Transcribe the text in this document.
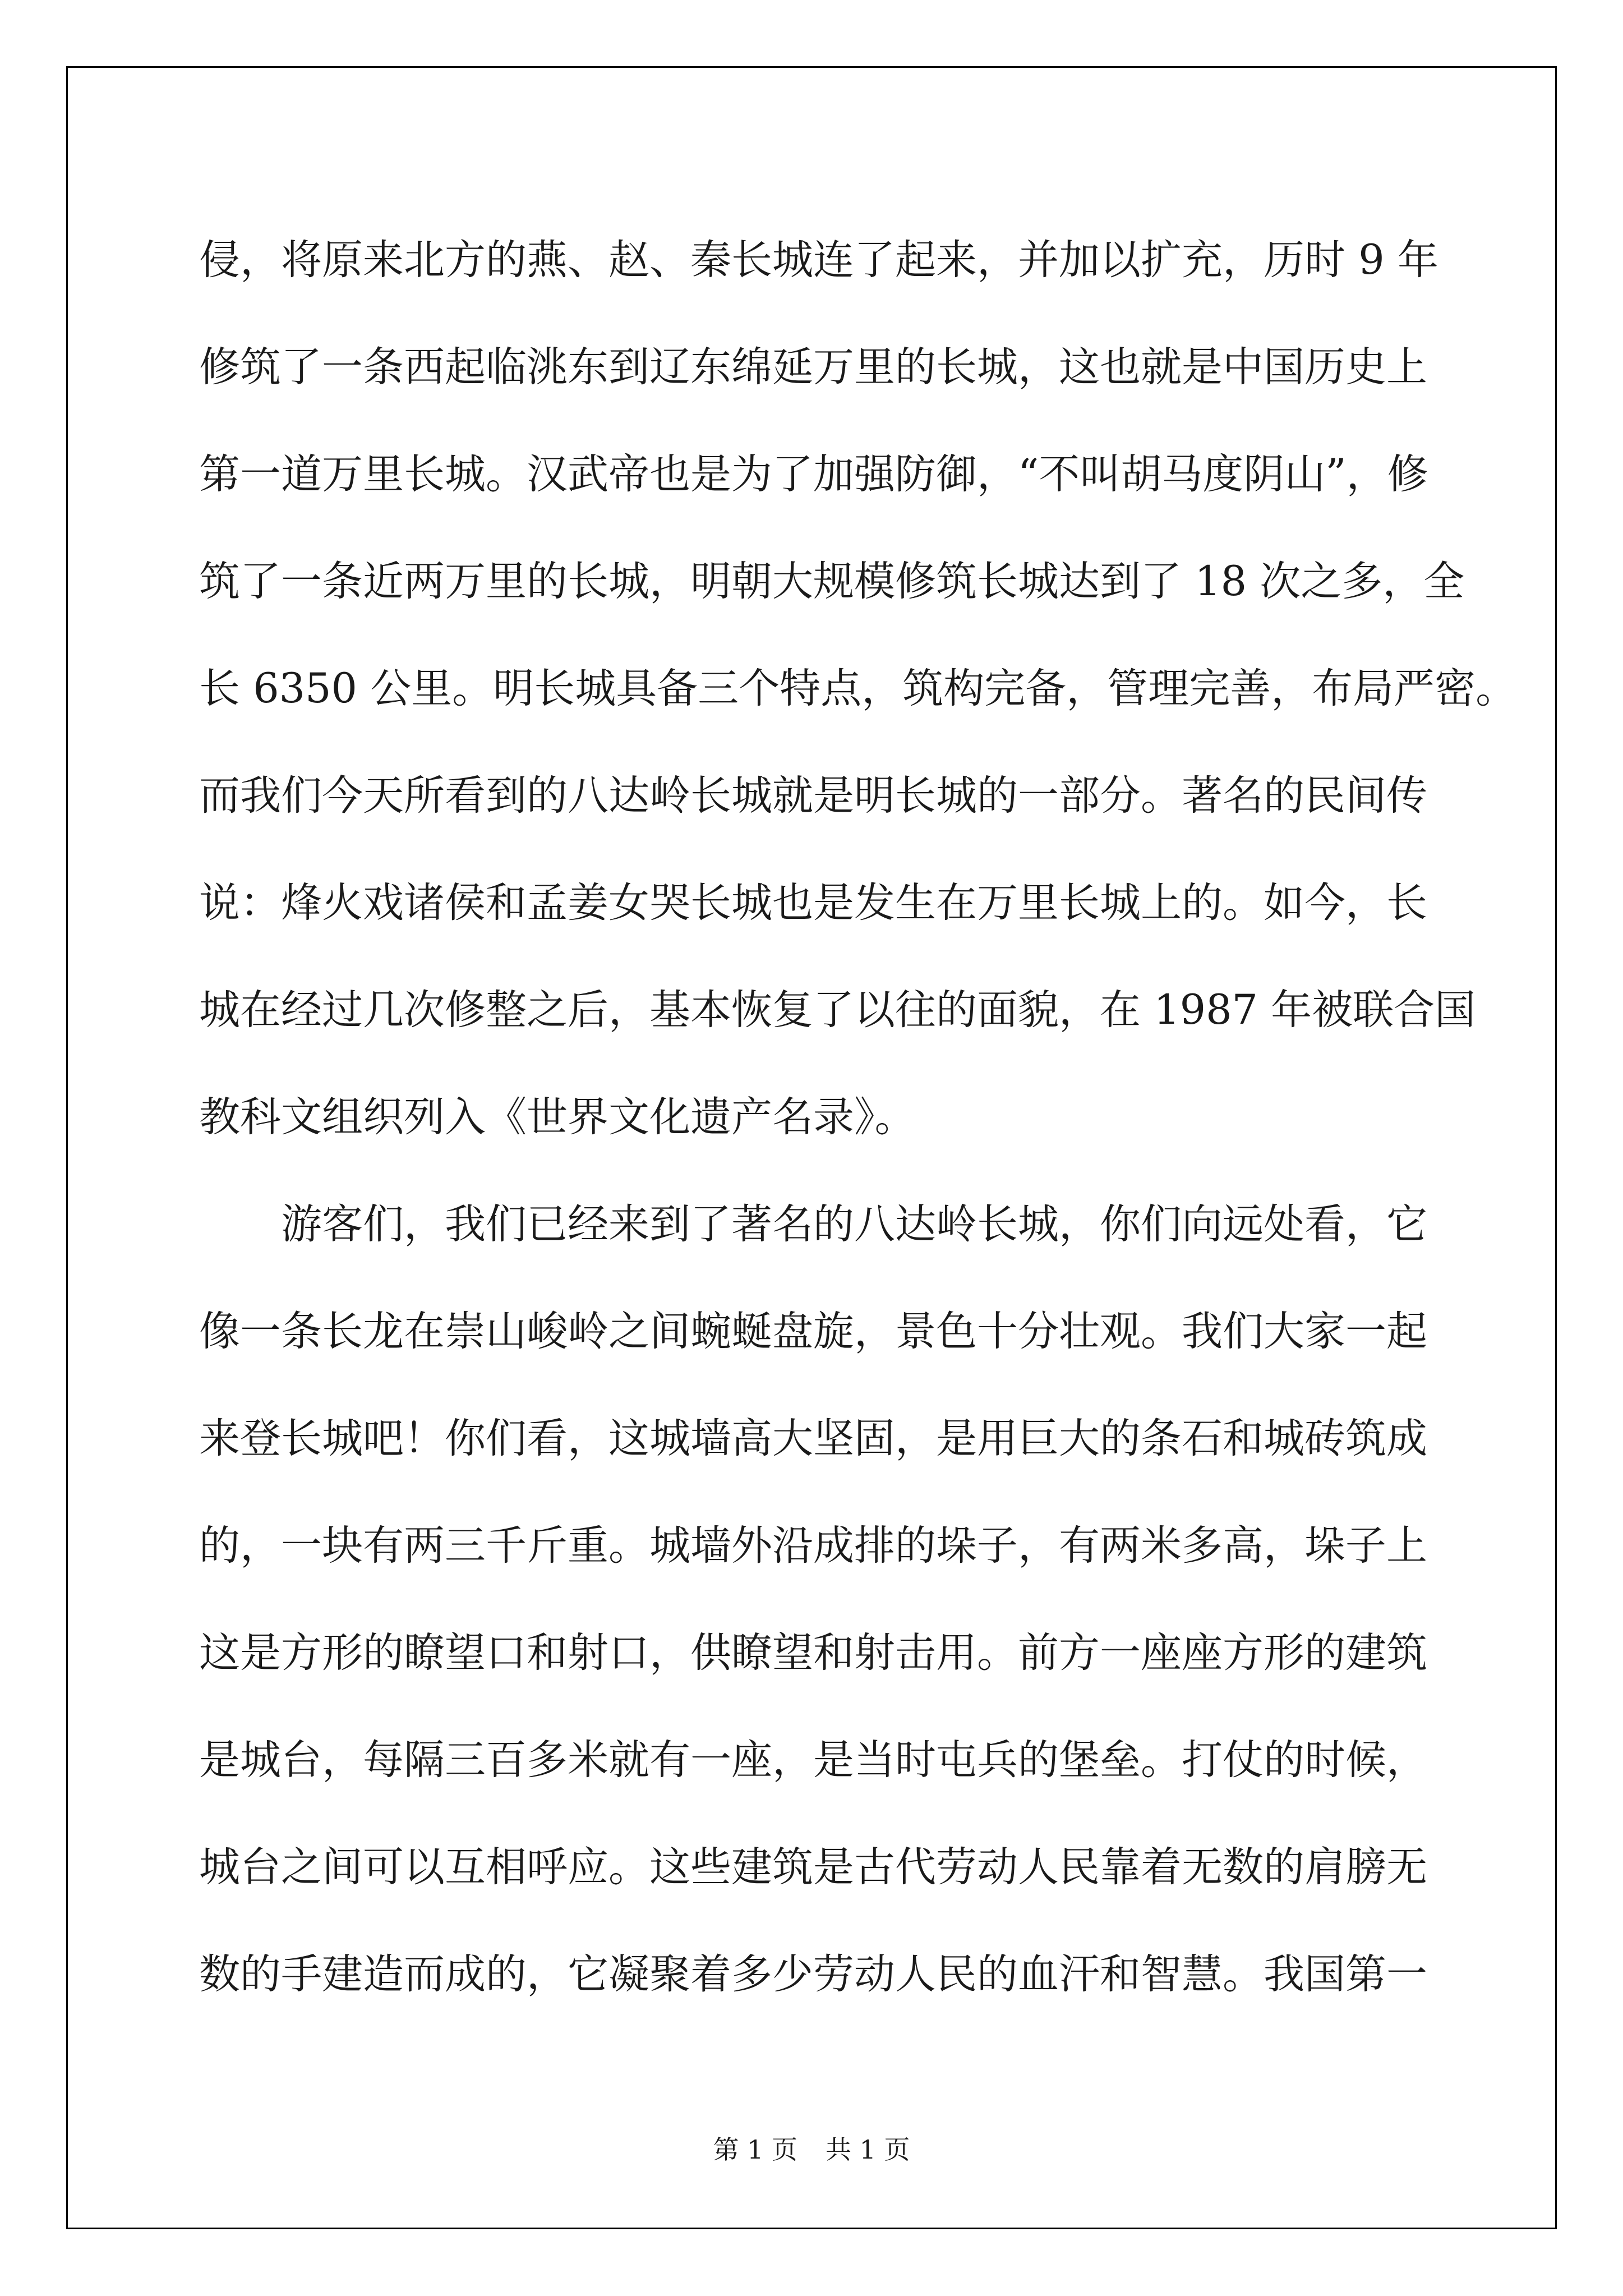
侵，将原来北方的燕、赵、秦长城连了起来，并加以扩充，历时 9 年
修筑了一条西起临洮东到辽东绵延万里的长城，这也就是中国历史上
第一道万里长城。汉武帝也是为了加强防御，“不叫胡马度阴山”，修
筑了一条近两万里的长城，明朝大规模修筑长城达到了 18 次之多，全
长 6350 公里。明长城具备三个特点，筑构完备，管理完善，布局严密。
而我们今天所看到的八达岭长城就是明长城的一部分。著名的民间传
说：烽火戏诸侯和孟姜女哭长城也是发生在万里长城上的。如今，长
城在经过几次修整之后，基本恢复了以往的面貌，在 1987 年被联合国
教科文组织列入《世界文化遗产名录》。
游客们，我们已经来到了著名的八达岭长城，你们向远处看，它
像一条长龙在崇山峻岭之间蜿蜒盘旋，景色十分壮观。我们大家一起
来登长城吧！你们看，这城墙高大坚固，是用巨大的条石和城砖筑成
的，一块有两三千斤重。城墙外沿成排的垛子，有两米多高，垛子上
这是方形的瞭望口和射口，供瞭望和射击用。前方一座座方形的建筑
是城台，每隔三百多米就有一座，是当时屯兵的堡垒。打仗的时候，
城台之间可以互相呼应。这些建筑是古代劳动人民靠着无数的肩膀无
数的手建造而成的，它凝聚着多少劳动人民的血汗和智慧。我国第一
第 1 页 共 1 页
